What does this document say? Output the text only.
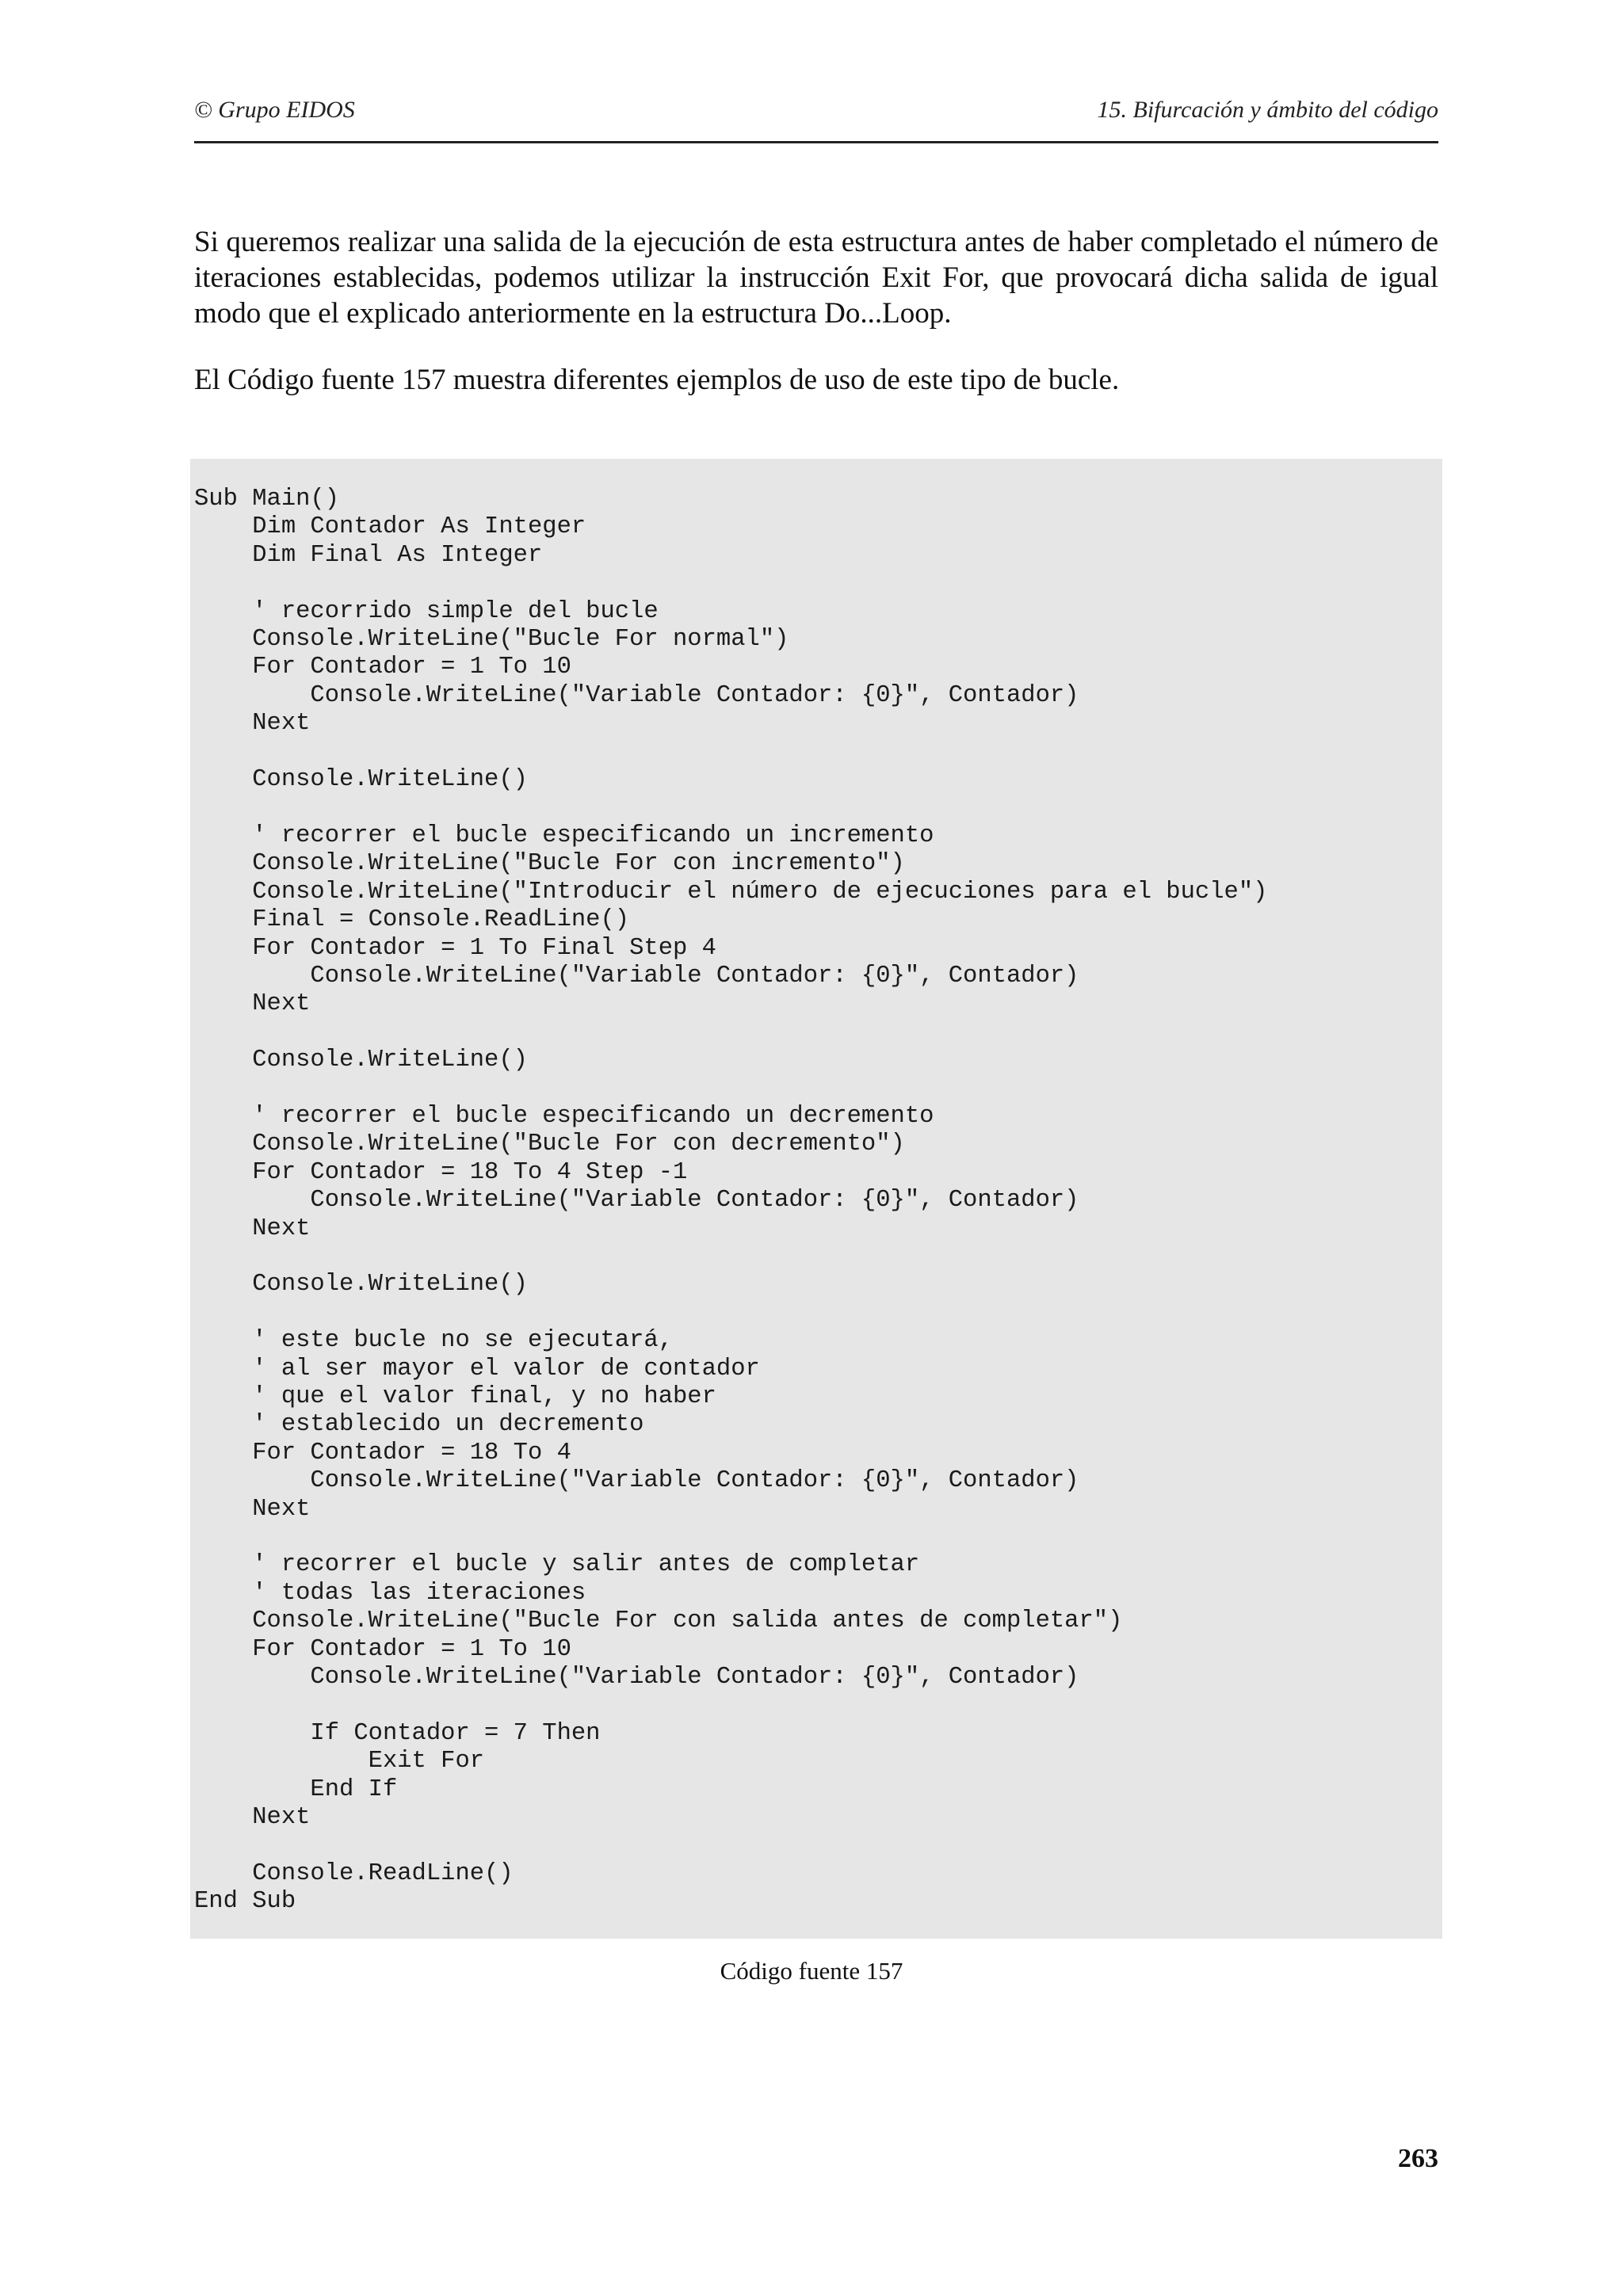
© Grupo EIDOS	15. Bifurcación y ámbito del código

Si queremos realizar una salida de la ejecución de esta estructura antes de haber completado el número de iteraciones establecidas, podemos utilizar la instrucción Exit For, que provocará dicha salida de igual modo que el explicado anteriormente en la estructura Do...Loop.

El Código fuente 157 muestra diferentes ejemplos de uso de este tipo de bucle.

Sub Main()
Dim Contador As Integer
Dim Final As Integer

' recorrido simple del bucle
Console.WriteLine("Bucle For normal")
For Contador = 1 To 10
Console.WriteLine("Variable Contador: {0}", Contador)
Next

Console.WriteLine()

' recorrer el bucle especificando un incremento
Console.WriteLine("Bucle For con incremento")
Console.WriteLine("Introducir el número de ejecuciones para el bucle")
Final = Console.ReadLine()
For Contador = 1 To Final Step 4
Console.WriteLine("Variable Contador: {0}", Contador)
Next

Console.WriteLine()

' recorrer el bucle especificando un decremento
Console.WriteLine("Bucle For con decremento")
For Contador = 18 To 4 Step -1
Console.WriteLine("Variable Contador: {0}", Contador)
Next

Console.WriteLine()

' este bucle no se ejecutará,
' al ser mayor el valor de contador
' que el valor final, y no haber
' establecido un decremento
For Contador = 18 To 4
Console.WriteLine("Variable Contador: {0}", Contador)
Next

' recorrer el bucle y salir antes de completar
' todas las iteraciones
Console.WriteLine("Bucle For con salida antes de completar")
For Contador = 1 To 10
Console.WriteLine("Variable Contador: {0}", Contador)

If Contador = 7 Then
Exit For
End If
Next

Console.ReadLine()
End Sub
Código fuente 157
263
